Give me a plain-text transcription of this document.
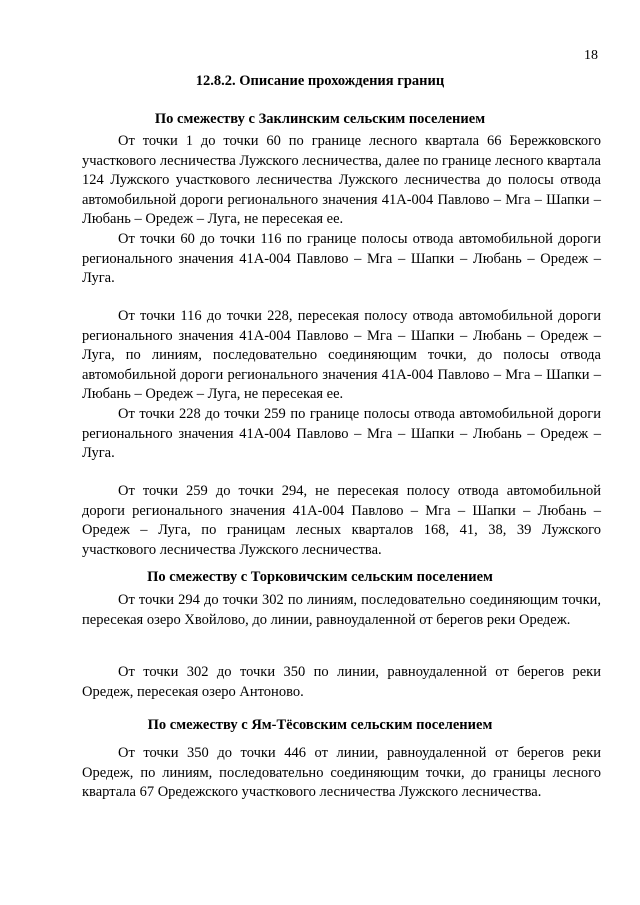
18
12.8.2. Описание прохождения границ
По смежеству с Заклинским сельским поселением

От точки 1 до точки 60 по границе лесного квартала 66 Бережковского участкового лесничества Лужского лесничества, далее по границе лесного квартала 124 Лужского участкового лесничества Лужского лесничества до полосы отвода автомобильной дороги регионального значения 41А-004 Павлово – Мга – Шапки – Любань – Оредеж – Луга, не пересекая ее.

От точки 60 до точки 116 по границе полосы отвода автомобильной дороги регионального значения 41А-004 Павлово – Мга – Шапки – Любань – Оредеж – Луга.

От точки 116 до точки 228, пересекая полосу отвода автомобильной дороги регионального значения 41А-004 Павлово – Мга – Шапки – Любань – Оредеж – Луга, по линиям, последовательно соединяющим точки, до полосы отвода автомобильной дороги регионального значения 41А-004 Павлово – Мга – Шапки – Любань – Оредеж – Луга, не пересекая ее.

От точки 228 до точки 259 по границе полосы отвода автомобильной дороги регионального значения 41А-004 Павлово – Мга – Шапки – Любань – Оредеж – Луга.

От точки 259 до точки 294, не пересекая полосу отвода автомобильной дороги регионального значения 41А-004 Павлово – Мга – Шапки – Любань – Оредеж – Луга, по границам лесных кварталов 168, 41, 38, 39 Лужского участкового лесничества Лужского лесничества.

По смежеству с Торковичским сельским поселением

От точки 294 до точки 302 по линиям, последовательно соединяющим точки, пересекая озеро Хвойлово, до линии, равноудаленной от берегов реки Оредеж.

От точки 302 до точки 350 по линии, равноудаленной от берегов реки Оредеж, пересекая озеро Антоново.

По смежеству с Ям-Тёсовским сельским поселением

От точки 350 до точки 446 от линии, равноудаленной от берегов реки Оредеж, по линиям, последовательно соединяющим точки, до границы лесного квартала 67 Оредежского участкового лесничества Лужского лесничества.
